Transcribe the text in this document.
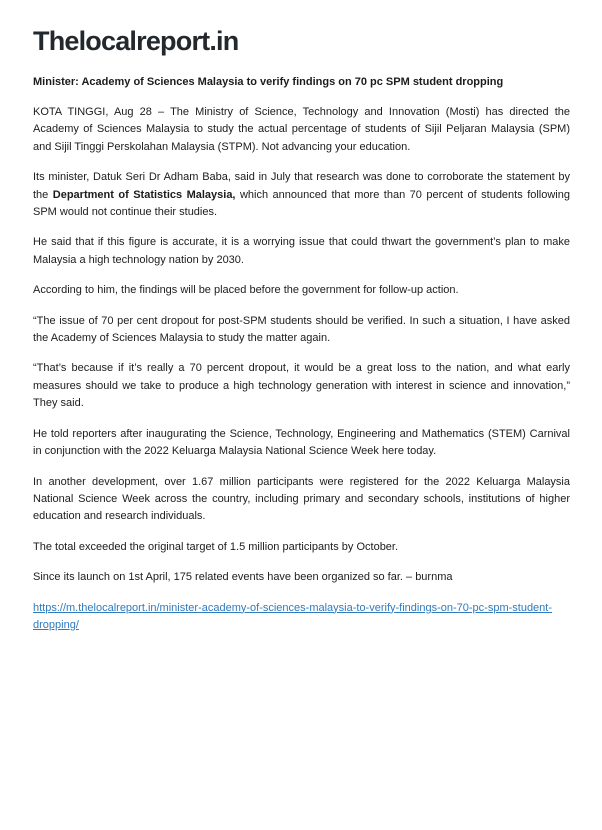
Thelocalreport.in
Minister: Academy of Sciences Malaysia to verify findings on 70 pc SPM student dropping

KOTA TINGGI, Aug 28 – The Ministry of Science, Technology and Innovation (Mosti) has directed the Academy of Sciences Malaysia to study the actual percentage of students of Sijil Peljaran Malaysia (SPM) and Sijil Tinggi Perskolahan Malaysia (STPM). Not advancing your education.

Its minister, Datuk Seri Dr Adham Baba, said in July that research was done to corroborate the statement by the Department of Statistics Malaysia, which announced that more than 70 percent of students following SPM would not continue their studies.

He said that if this figure is accurate, it is a worrying issue that could thwart the government’s plan to make Malaysia a high technology nation by 2030.

According to him, the findings will be placed before the government for follow-up action.

“The issue of 70 per cent dropout for post-SPM students should be verified. In such a situation, I have asked the Academy of Sciences Malaysia to study the matter again.

“That’s because if it’s really a 70 percent dropout, it would be a great loss to the nation, and what early measures should we take to produce a high technology generation with interest in science and innovation,” They said.

He told reporters after inaugurating the Science, Technology, Engineering and Mathematics (STEM) Carnival in conjunction with the 2022 Keluarga Malaysia National Science Week here today.

In another development, over 1.67 million participants were registered for the 2022 Keluarga Malaysia National Science Week across the country, including primary and secondary schools, institutions of higher education and research individuals.

The total exceeded the original target of 1.5 million participants by October.

Since its launch on 1st April, 175 related events have been organized so far. – burnma

https://m.thelocalreport.in/minister-academy-of-sciences-malaysia-to-verify-findings-on-70-pc-spm-student-dropping/
